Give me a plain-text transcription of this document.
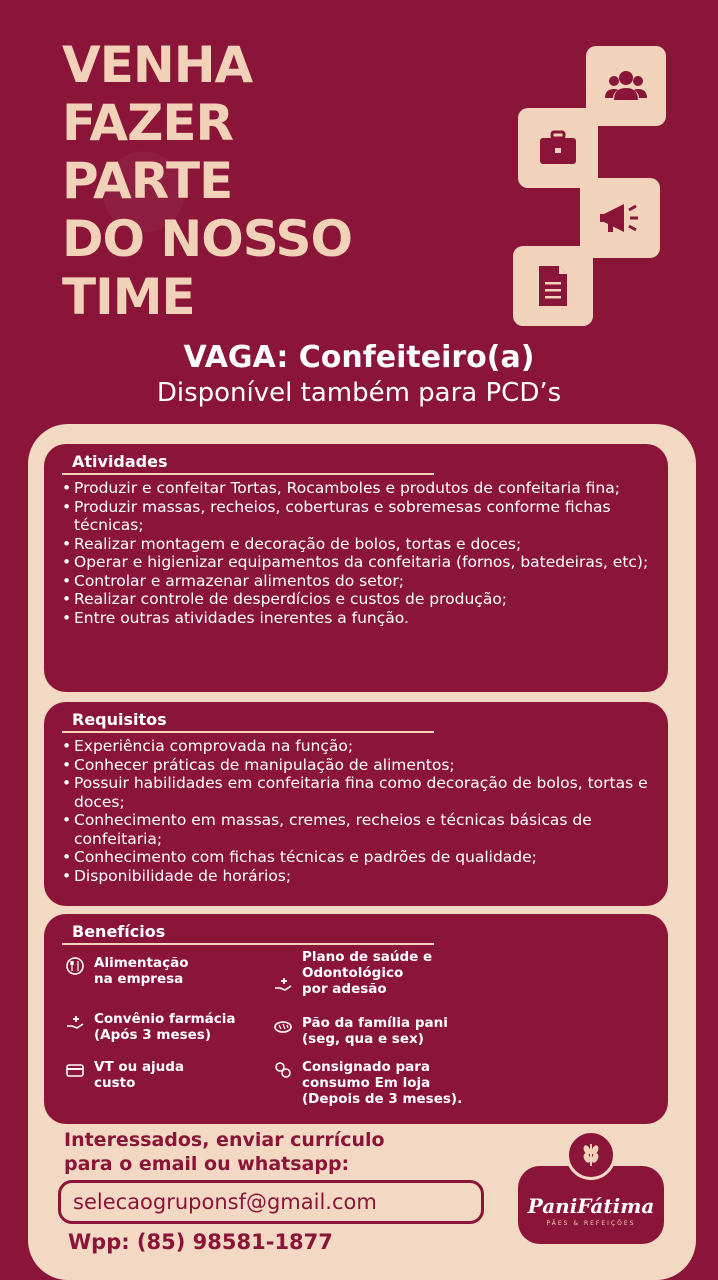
VENHA
FAZER
PARTE
DO NOSSO
TIME
VAGA: Confeiteiro(a)
Disponível também para PCD’s
Atividades
• Produzir e confeitar Tortas, Rocamboles e produtos de confeitaria fina;
• Produzir massas, recheios, coberturas e sobremesas conforme fichas técnicas;
• Realizar montagem e decoração de bolos, tortas e doces;
• Operar e higienizar equipamentos da confeitaria (fornos, batedeiras, etc);
• Controlar e armazenar alimentos do setor;
• Realizar controle de desperdícios e custos de produção;
• Entre outras atividades inerentes a função.
Requisitos
• Experiência comprovada na função;
• Conhecer práticas de manipulação de alimentos;
• Possuir habilidades em confeitaria fina como decoração de bolos, tortas e doces;
• Conhecimento em massas, cremes, recheios e técnicas básicas de confeitaria;
• Conhecimento com fichas técnicas e padrões de qualidade;
• Disponibilidade de horários;
Benefícios
Alimentação
na empresa
Plano de saúde e
Odontológico
por adesão
Convênio farmácia
(Após 3 meses)
Pão da família pani
(seg, qua e sex)
VT ou ajuda
custo
Consignado para
consumo Em loja
(Depois de 3 meses).
Interessados, enviar currículo
para o email ou whatsapp:
selecaogruponsf@gmail.com
Wpp: (85) 98581-1877
PaniFátima
PÃES & REFEIÇÕES
